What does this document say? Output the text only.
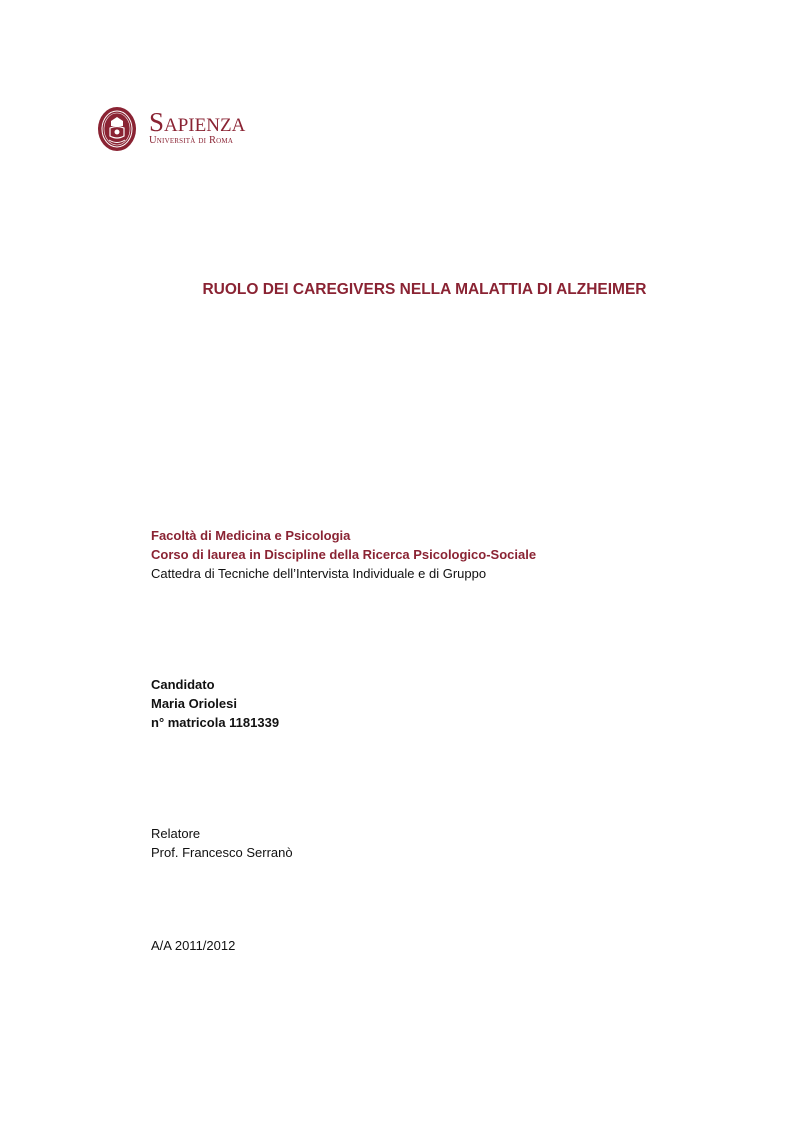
Sapienza
Università di Roma
RUOLO DEI CAREGIVERS NELLA MALATTIA DI ALZHEIMER
Facoltà di Medicina e Psicologia
Corso di laurea in Discipline della Ricerca Psicologico-Sociale
Cattedra di Tecniche dell’Intervista Individuale e di Gruppo
Candidato
Maria Oriolesi
n° matricola 1181339
Relatore
Prof. Francesco Serranò
A/A 2011/2012
